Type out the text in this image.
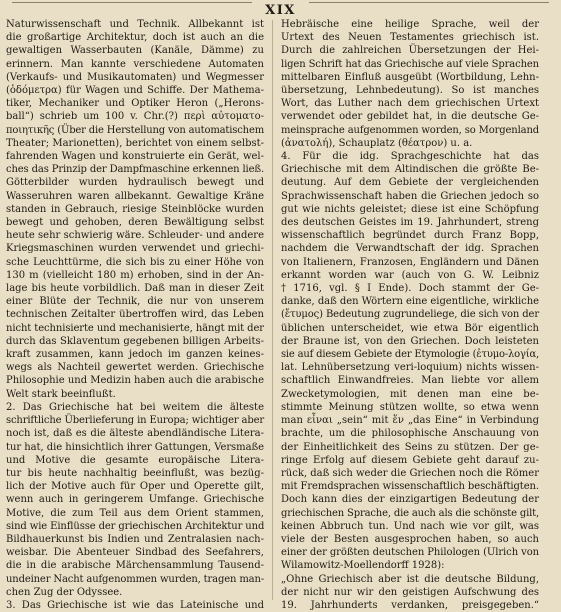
XIX
Naturwissenschaft und Technik. Allbekannt ist
die großartige Architektur, doch ist auch an die
gewaltigen Wasserbauten (Kanäle, Dämme) zu
erinnern. Man kannte verschiedene Automaten
(Verkaufs- und Musikautomaten) und Wegmesser
(ὁδόμετρα) für Wagen und Schiffe. Der Mathema-
tiker, Mechaniker und Optiker Heron („Herons-
ball“) schrieb um 100 v. Chr.(?) περὶ αὐτοματο-
ποιητικῆς (Über die Herstellung von automatischem
Theater; Marionetten), berichtet von einem selbst-
fahrenden Wagen und konstruierte ein Gerät, wel-
ches das Prinzip der Dampfmaschine erkennen ließ.
Götterbilder wurden hydraulisch bewegt und
Wasseruhren waren allbekannt. Gewaltige Kräne
standen in Gebrauch, riesige Steinblöcke wurden
bewegt und gehoben, deren Bewältigung selbst
heute sehr schwierig wäre. Schleuder- und andere
Kriegsmaschinen wurden verwendet und griechi-
sche Leuchttürme, die sich bis zu einer Höhe von
130 m (vielleicht 180 m) erhoben, sind in der An-
lage bis heute vorbildlich. Daß man in dieser Zeit
einer Blüte der Technik, die nur von unserem
technischen Zeitalter übertroffen wird, das Leben
nicht technisierte und mechanisierte, hängt mit der
durch das Sklaventum gegebenen billigen Arbeits-
kraft zusammen, kann jedoch im ganzen keines-
wegs als Nachteil gewertet werden. Griechische
Philosophie und Medizin haben auch die arabische
Welt stark beeinflußt.
2. Das Griechische hat bei weitem die älteste
schriftliche Überlieferung in Europa; wichtiger aber
noch ist, daß es die älteste abendländische Litera-
tur hat, die hinsichtlich ihrer Gattungen, Versmaße
und Motive die gesamte europäische Litera-
tur bis heute nachhaltig beeinflußt, was bezüg-
lich der Motive auch für Oper und Operette gilt,
wenn auch in geringerem Umfange. Griechische
Motive, die zum Teil aus dem Orient stammen,
sind wie Einflüsse der griechischen Architektur und
Bildhauerkunst bis Indien und Zentralasien nach-
weisbar. Die Abenteuer Sindbad des Seefahrers,
die in die arabische Märchensammlung Tausend-
undeiner Nacht aufgenommen wurden, tragen man-
chen Zug der Odyssee.
3. Das Griechische ist wie das Lateinische und
Hebräische eine heilige Sprache, weil der
Urtext des Neuen Testamentes griechisch ist.
Durch die zahlreichen Übersetzungen der Hei-
ligen Schrift hat das Griechische auf viele Sprachen
mittelbaren Einfluß ausgeübt (Wortbildung, Lehn-
übersetzung, Lehnbedeutung). So ist manches
Wort, das Luther nach dem griechischen Urtext
verwendet oder gebildet hat, in die deutsche Ge-
meinsprache aufgenommen worden, so Morgenland
(ἀνατολή), Schauplatz (θέατρον) u. a.
4. Für die idg. Sprachgeschichte hat das
Griechische mit dem Altindischen die größte Be-
deutung. Auf dem Gebiete der vergleichenden
Sprachwissenschaft haben die Griechen jedoch so
gut wie nichts geleistet; diese ist eine Schöpfung
des deutschen Geistes im 19. Jahrhundert, streng
wissenschaftlich begründet durch Franz Bopp,
nachdem die Verwandtschaft der idg. Sprachen
von Italienern, Franzosen, Engländern und Dänen
erkannt worden war (auch von G. W. Leibniz
† 1716, vgl. § I Ende). Doch stammt der Ge-
danke, daß den Wörtern eine eigentliche, wirkliche
(ἔτυμος) Bedeutung zugrundeliege, die sich von der
üblichen unterscheidet, wie etwa Bör eigentlich
der Braune ist, von den Griechen. Doch leisteten
sie auf diesem Gebiete der Etymologie (ἐτυμο-λογία,
lat. Lehnübersetzung veri-loquium) nichts wissen-
schaftlich Einwandfreies. Man liebte vor allem
Zwecketymologien, mit denen man eine be-
stimmte Meinung stützen wollte, so etwa wenn
man εἶναι „sein“ mit ἕν „das Eine“ in Verbindung
brachte, um die philosophische Anschauung von
der Einheitlichkeit des Seins zu stützen. Der ge-
ringe Erfolg auf diesem Gebiete geht darauf zu-
rück, daß sich weder die Griechen noch die Römer
mit Fremdsprachen wissenschaftlich beschäftigten.
Doch kann dies der einzigartigen Bedeutung der
griechischen Sprache, die auch als die schönste gilt,
keinen Abbruch tun. Und nach wie vor gilt, was
viele der Besten ausgesprochen haben, so auch
einer der größten deutschen Philologen (Ulrich von
Wilamowitz-Moellendorff 1928):
„Ohne Griechisch aber ist die deutsche Bildung,
der nicht nur wir den geistigen Aufschwung des
19. Jahrhunderts verdanken, preisgegeben.“
